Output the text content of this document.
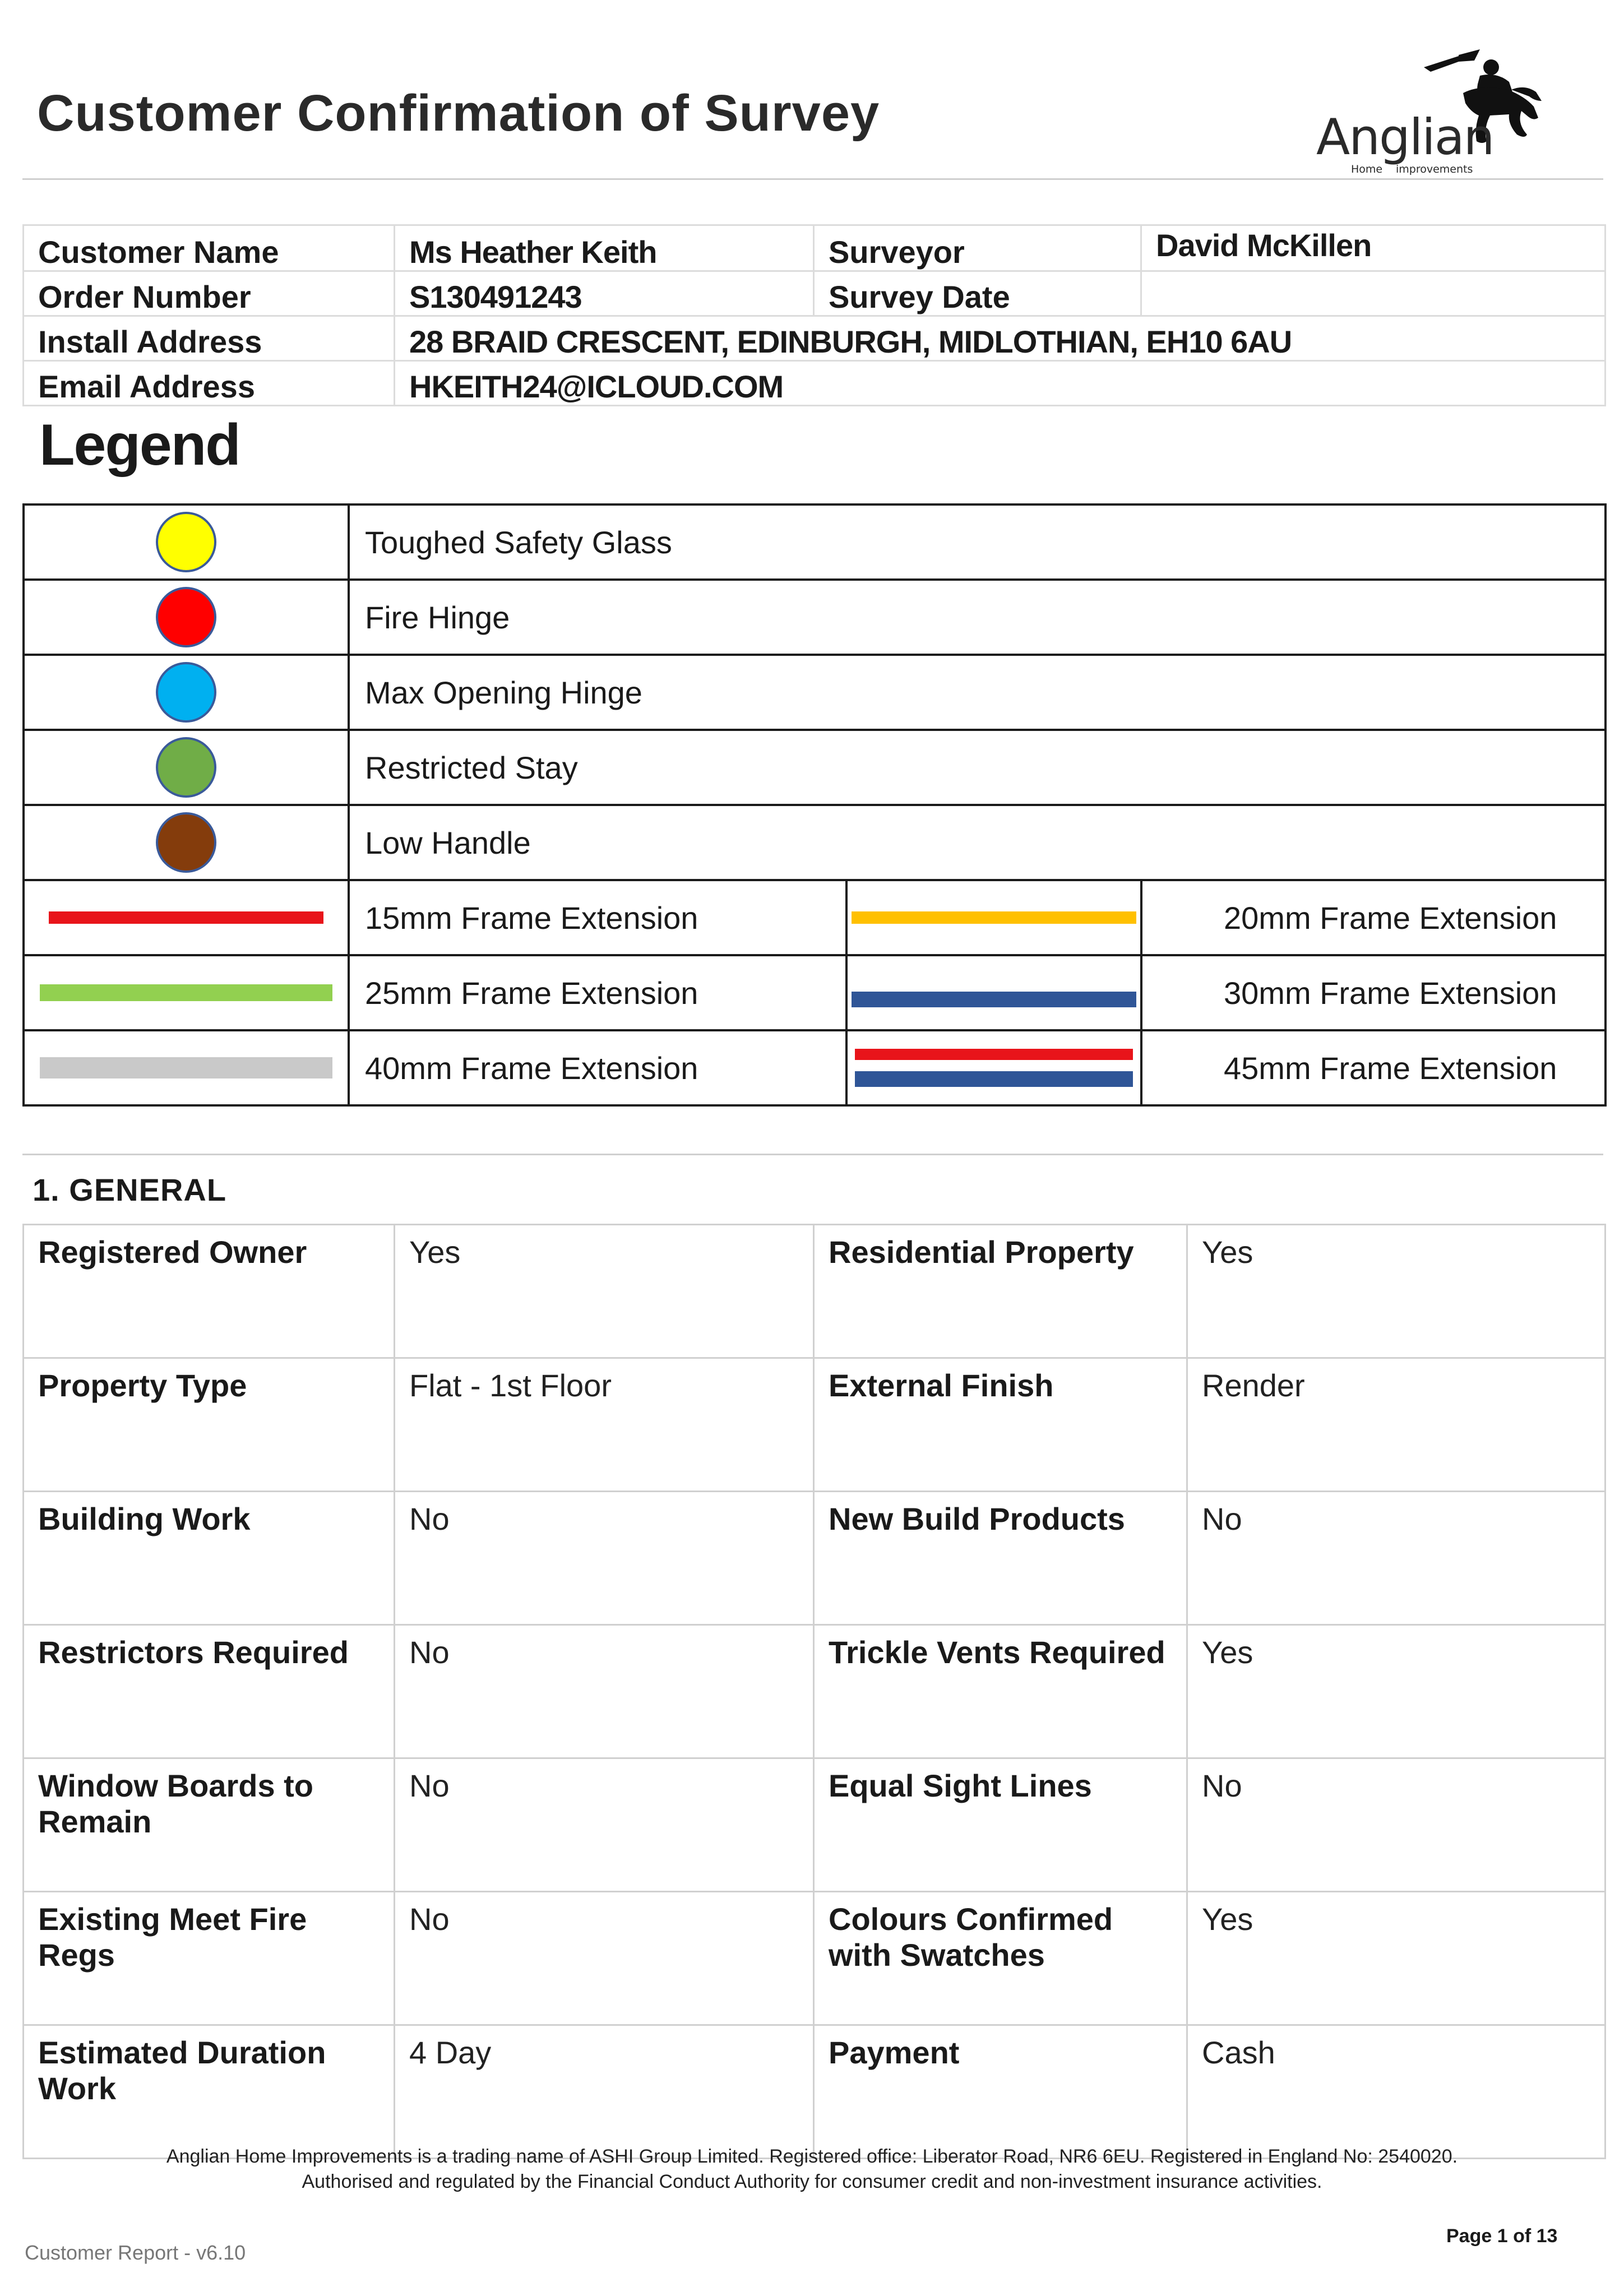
Customer Confirmation of Survey	Anglian
Home improvements
Customer Name	Ms Heather Keith	Surveyor	David McKillen
Order Number	S130491243	Survey Date	
Install Address	28 BRAID CRESCENT, EDINBURGH, MIDLOTHIAN, EH10 6AU		
Email Address	HKEITH24@ICLOUD.COM		
Legend
	Toughed Safety Glass		
	Fire Hinge		
	Max Opening Hinge		
	Restricted Stay		
	Low Handle		

	15mm Frame Extension		20mm Frame Extension

	25mm Frame Extension		30mm Frame Extension

	40mm Frame Extension		45mm Frame Extension
1. GENERAL
Registered Owner	Yes	Residential Property	Yes
Property Type	Flat - 1st Floor	External Finish	Render
Building Work	No	New Build Products	No
Restrictors Required	No	Trickle Vents Required	Yes
Window Boards to Remain	No	Equal Sight Lines	No
Existing Meet Fire Regs	No	Colours Confirmed with Swatches	Yes
Estimated Duration Work	4 Day	Payment	Cash
Anglian Home Improvements is a trading name of ASHI Group Limited. Registered office: Liberator Road, NR6 6EU. Registered in England No: 2540020.
Authorised and regulated by the Financial Conduct Authority for consumer credit and non-investment insurance activities.
Page 1 of 13
Customer Report - v6.10
